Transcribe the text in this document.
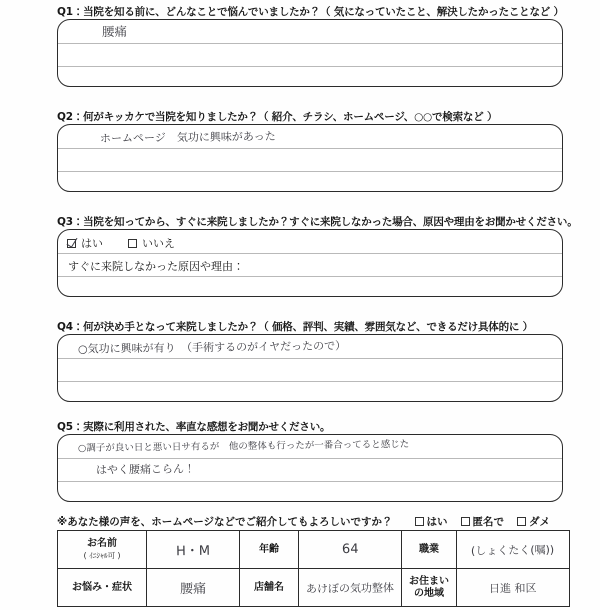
Q1：当院を知る前に、どんなことで悩んでいましたか？（ 気になっていたこと、解決したかったことなど ）
腰痛
Q2：何がキッカケで当院を知りましたか？（ 紹介、チラシ、ホームページ、○○で検索など ）
ホームページ　気功に興味があった
Q3：当院を知ってから、すぐに来院しましたか？すぐに来院しなかった場合、原因や理由をお聞かせください。
はい	いいえ
すぐに来院しなかった原因や理由：
Q4：何が決め手となって来院しましたか？（ 価格、評判、実績、雰囲気など、できるだけ具体的に ）
○気功に興味が有り　（手術するのがイヤだったので）
Q5：実際に利用された、率直な感想をお聞かせください。
○調子が良い日と悪い日サ有るが　他の整体も行ったが一番合ってると感じた
はやく腰痛こらん！
※あなた様の声を、ホームページなどでご紹介してもよろしいですか？	はい 匿名で ダメ
お名前
( ｲﾆｼｬﾙ可 )	H・M	年齢	64	職業	(しょくたく(嘱))
お悩み・症状	腰痛	店舗名	あけぼの気功整体	お住まい
の地域	日進 和区
